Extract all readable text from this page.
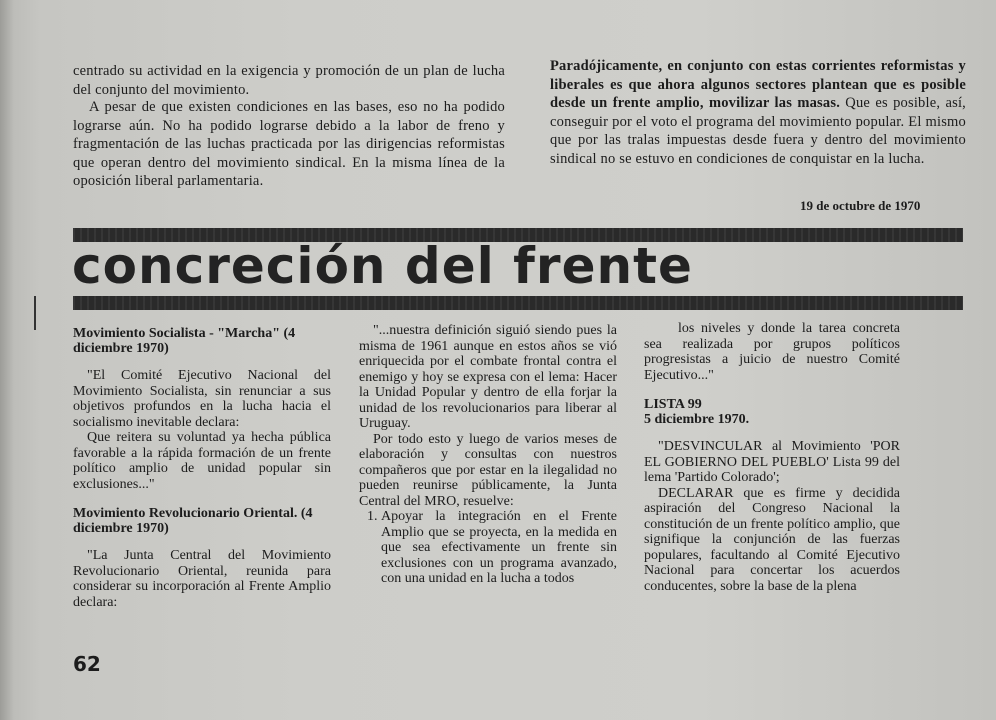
centrado su actividad en la exigencia y promoción de un plan de lucha del conjunto del movimiento.

A pesar de que existen condiciones en las bases, eso no ha podido lograrse aún. No ha podido lograrse debido a la labor de freno y fragmentación de las luchas practicada por las dirigencias reformistas que operan dentro del movimiento sindical. En la misma línea de la oposición liberal parlamentaria.

Paradójicamente, en conjunto con estas corrientes reformistas y liberales es que ahora algunos sectores plantean que es posible desde un frente amplio, movilizar las masas. Que es posible, así, conseguir por el voto el programa del movimiento popular. El mismo que por las tralas impuestas desde fuera y dentro del movimiento sindical no se estuvo en condiciones de conquistar en la lucha.

19 de octubre de 1970
concreción del frente

Movimiento Socialista - "Marcha" (4 diciembre 1970)

"El Comité Ejecutivo Nacional del Movimiento Socialista, sin renunciar a sus objetivos profundos en la lucha hacia el socialismo inevitable declara:

Que reitera su voluntad ya hecha pública favorable a la rápida formación de un frente político amplio de unidad popular sin exclusiones..."

Movimiento Revolucionario Oriental. (4 diciembre 1970)

"La Junta Central del Movimiento Revolucionario Oriental, reunida para considerar su incorporación al Frente Amplio declara:

"...nuestra definición siguió siendo pues la misma de 1961 aunque en estos años se vió enriquecida por el combate frontal contra el enemigo y hoy se expresa con el lema: Hacer la Unidad Popular y dentro de ella forjar la unidad de los revolucionarios para liberar al Uruguay.

Por todo esto y luego de varios meses de elaboración y consultas con nuestros compañeros que por estar en la ilegalidad no pueden reunirse públicamente, la Junta Central del MRO, resuelve:

1. Apoyar la integración en el Frente Amplio que se proyecta, en la medida en que sea efectivamente un frente sin exclusiones con un programa avanzado, con una unidad en la lucha a todos

los niveles y donde la tarea concreta sea realizada por grupos políticos progresistas a juicio de nuestro Comité Ejecutivo..."

LISTA 99
5 diciembre 1970.

"DESVINCULAR al Movimiento 'POR EL GOBIERNO DEL PUEBLO' Lista 99 del lema 'Partido Colorado';

DECLARAR que es firme y decidida aspiración del Congreso Nacional la constitución de un frente político amplio, que signifique la conjunción de las fuerzas populares, facultando al Comité Ejecutivo Nacional para concertar los acuerdos conducentes, sobre la base de la plena

62
